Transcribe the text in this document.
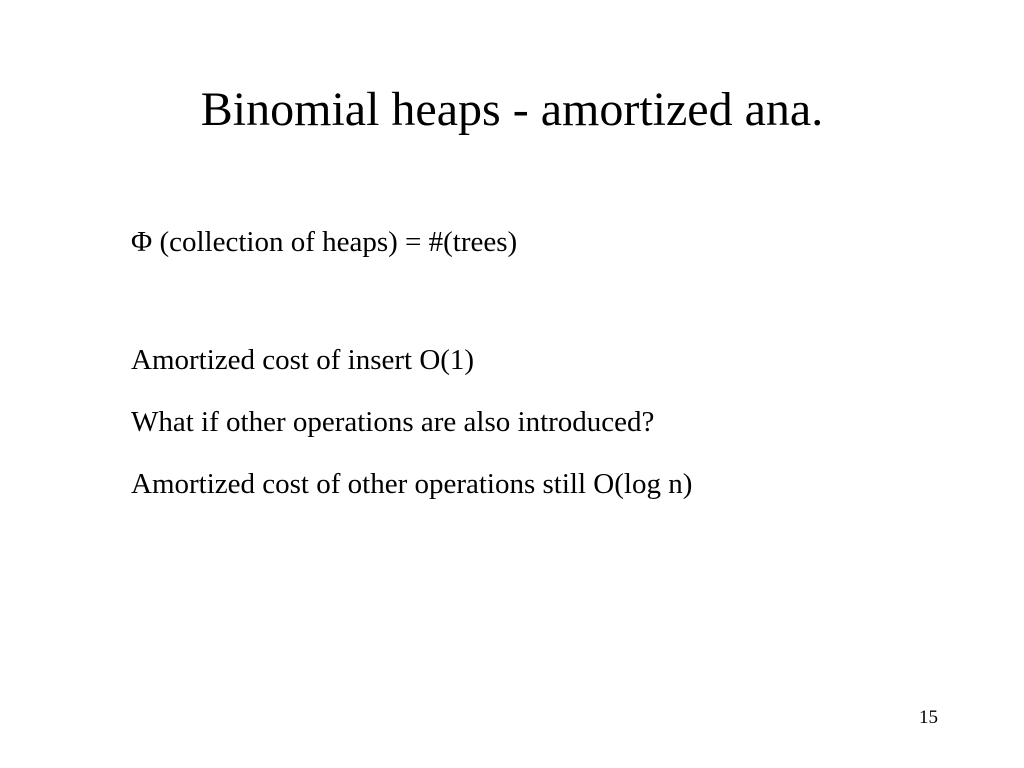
Binomial heaps - amortized ana.
Φ (collection of heaps) = #(trees)
Amortized cost of insert O(1)
What if other operations are also introduced?
Amortized cost of other operations still O(log n)
15
